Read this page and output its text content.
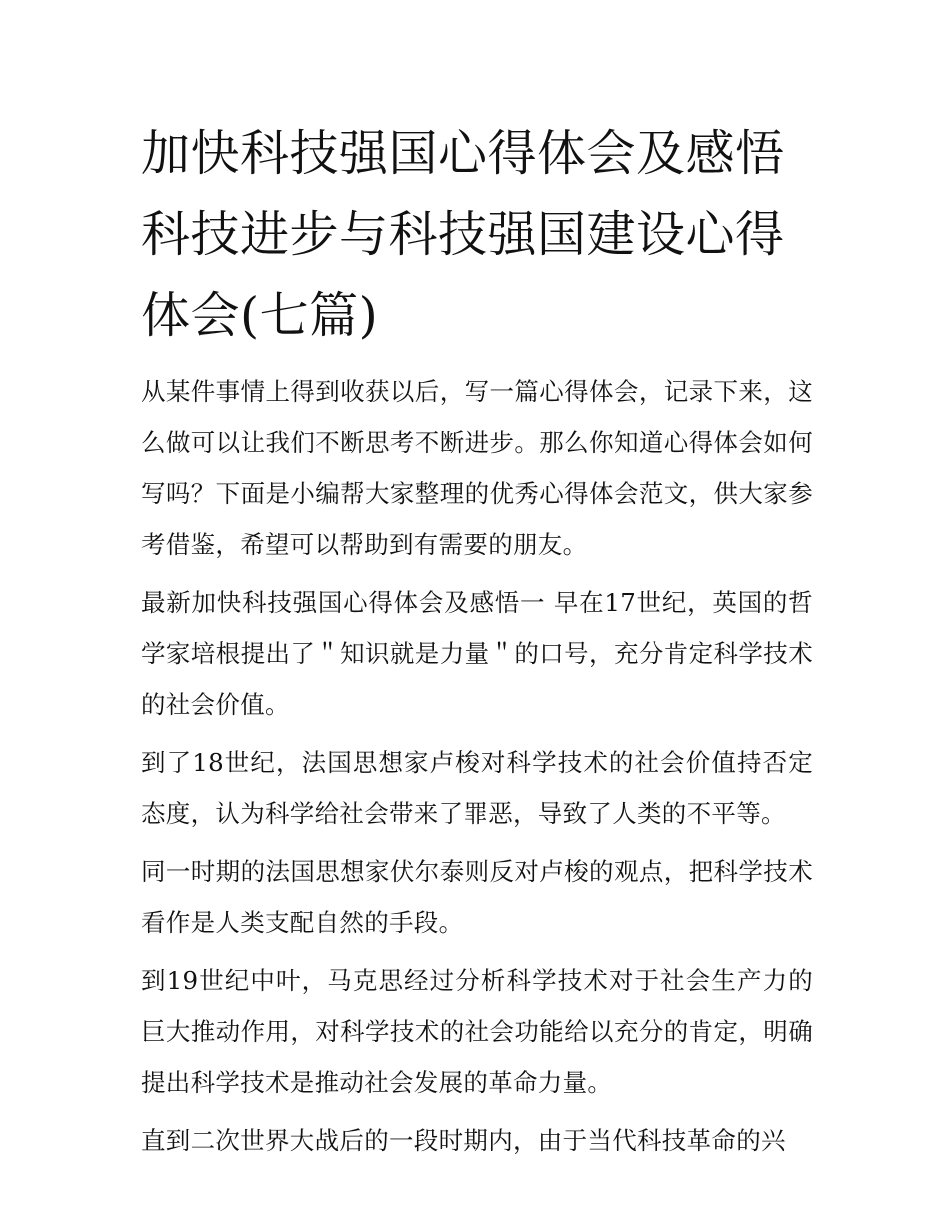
加快科技强国心得体会及感悟科技进步与科技强国建设心得体会(七篇)

从某件事情上得到收获以后，写一篇心得体会，记录下来，这么做可以让我们不断思考不断进步。那么你知道心得体会如何写吗？下面是小编帮大家整理的优秀心得体会范文，供大家参考借鉴，希望可以帮助到有需要的朋友。

最新加快科技强国心得体会及感悟一 早在17世纪，英国的哲学家培根提出了＂知识就是力量＂的口号，充分肯定科学技术的社会价值。

到了18世纪，法国思想家卢梭对科学技术的社会价值持否定态度，认为科学给社会带来了罪恶，导致了人类的不平等。

同一时期的法国思想家伏尔泰则反对卢梭的观点，把科学技术看作是人类支配自然的手段。

到19世纪中叶，马克思经过分析科学技术对于社会生产力的巨大推动作用，对科学技术的社会功能给以充分的肯定，明确提出科学技术是推动社会发展的革命力量。

直到二次世界大战后的一段时期内，由于当代科技革命的兴
